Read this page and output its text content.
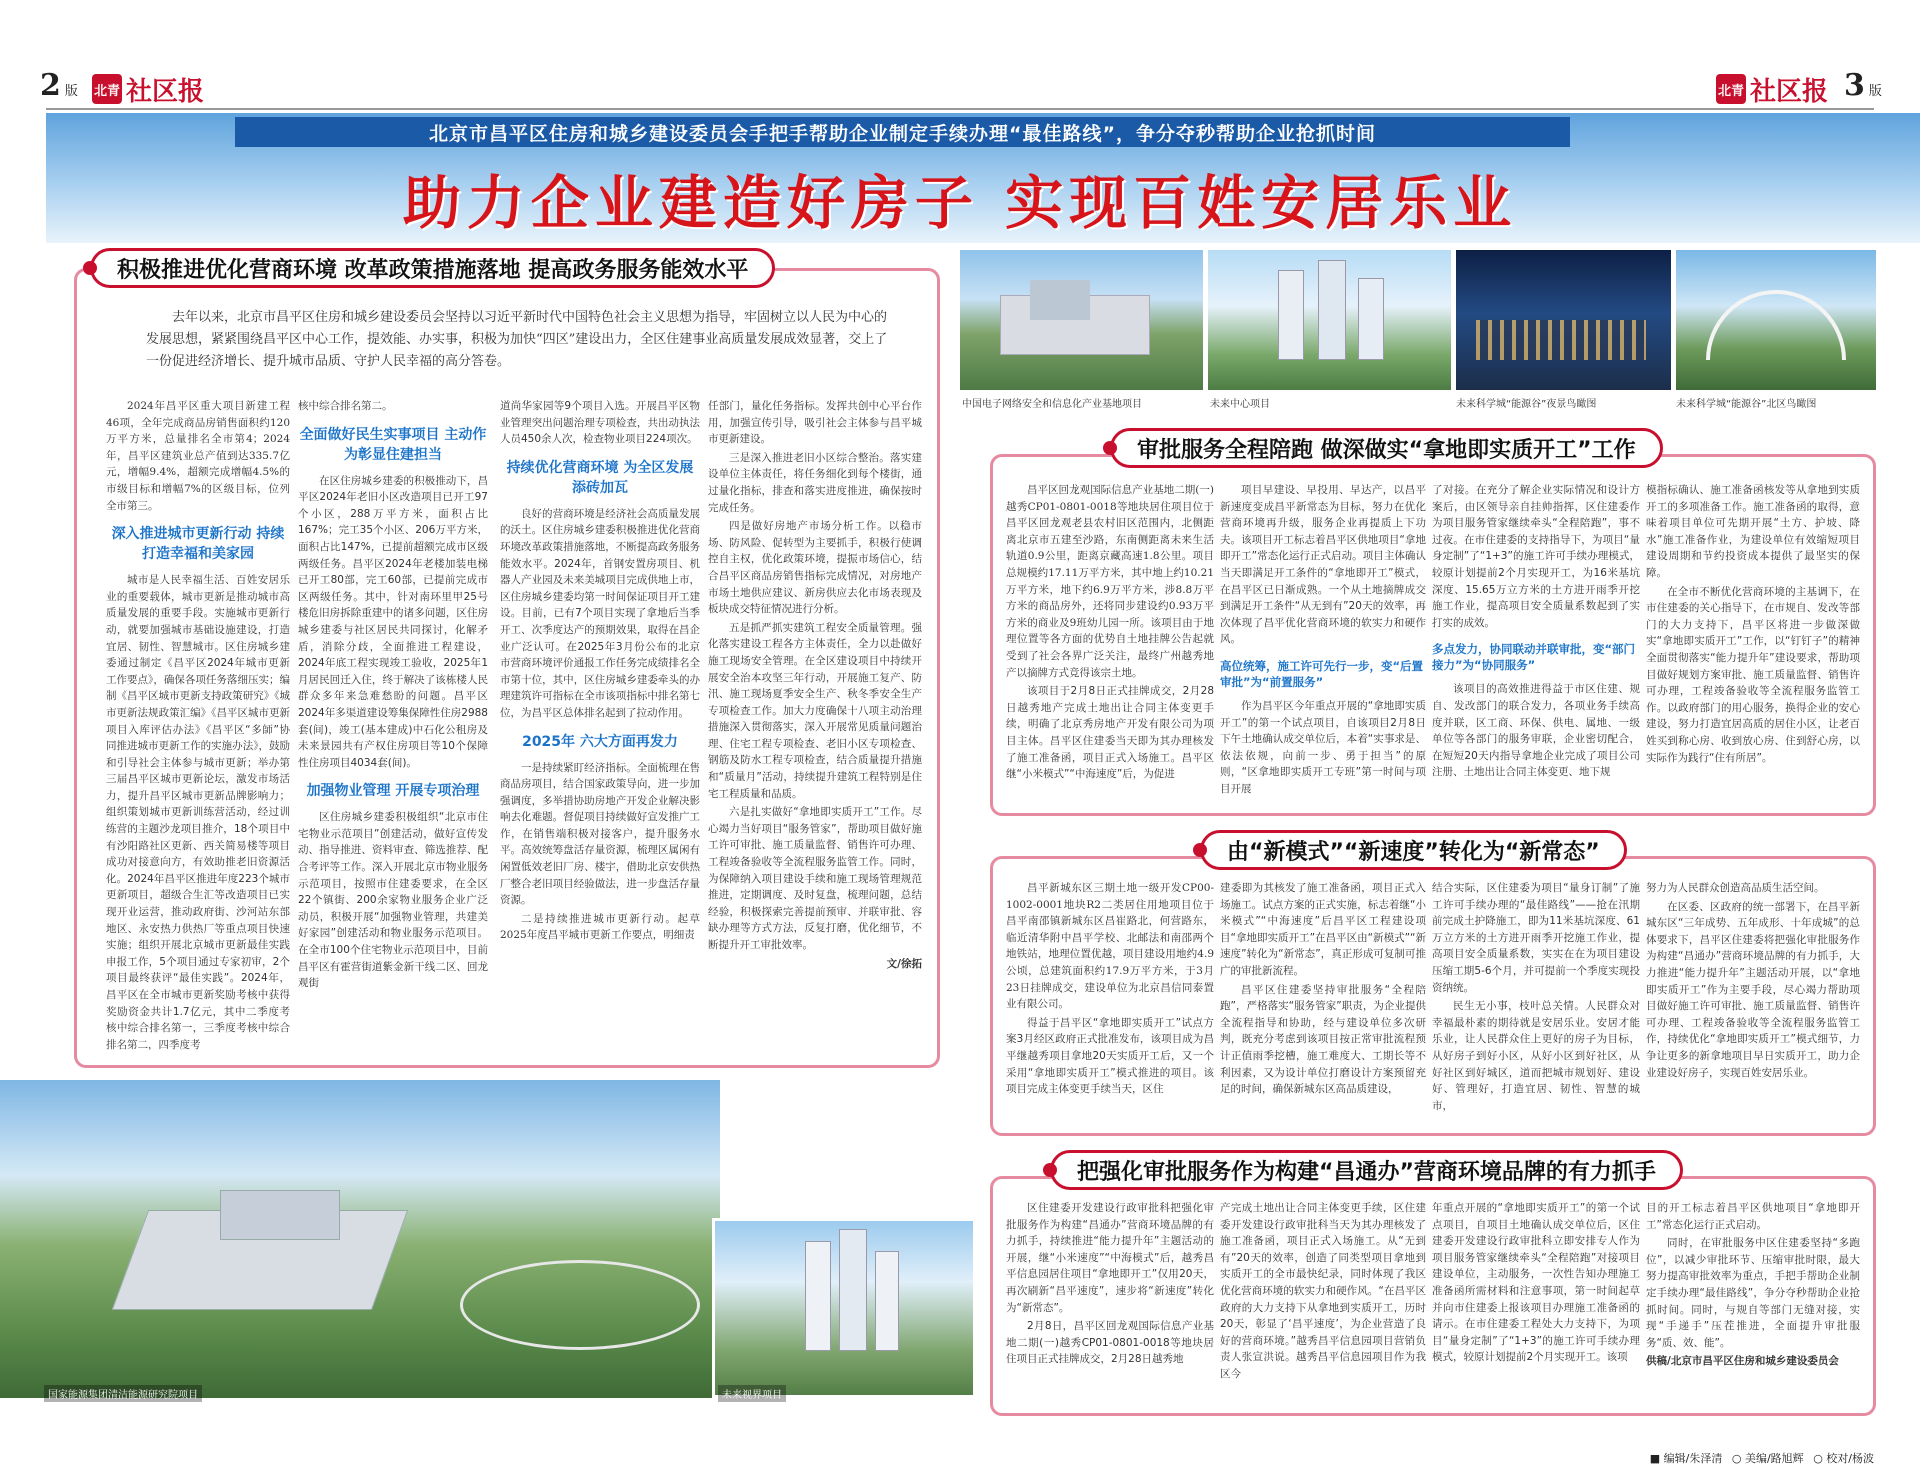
2 版 北青 社区报	北青 社区报 3 版
北京市昌平区住房和城乡建设委员会手把手帮助企业制定手续办理“最佳路线”，争分夺秒帮助企业抢抓时间
助力企业建造好房子 实现百姓安居乐业
积极推进优化营商环境 改革政策措施落地 提高政务服务能效水平
去年以来，北京市昌平区住房和城乡建设委员会坚持以习近平新时代中国特色社会主义思想为指导，牢固树立以人民为中心的发展思想，紧紧围绕昌平区中心工作，提效能、办实事，积极为加快“四区”建设出力，全区住建事业高质量发展成效显著，交上了一份促进经济增长、提升城市品质、守护人民幸福的高分答卷。

2024年昌平区重大项目新建工程46项，全年完成商品房销售面积约120万平方米，总量排名全市第4；2024年，昌平区建筑业总产值到达335.7亿元，增幅9.4%，超额完成增幅4.5%的市级目标和增幅7%的区级目标，位列全市第三。

深入推进城市更新行动 持续打造幸福和美家园

城市是人民幸福生活、百姓安居乐业的重要载体，城市更新是推动城市高质量发展的重要手段。实施城市更新行动，就要加强城市基础设施建设，打造宜居、韧性、智慧城市。区住房城乡建委通过制定《昌平区2024年城市更新工作要点》，确保各项任务落细压实；编制《昌平区城市更新支持政策研究》《城市更新法规政策汇编》《昌平区城市更新项目入库评估办法》《昌平区“多師”协同推进城市更新工作的实施办法》，鼓励和引导社会主体参与城市更新；举办第三届昌平区城市更新论坛，激发市场活力，提升昌平区城市更新品牌影响力；组织策划城市更新训练营活动，经过训练营的主题沙龙项目推介，18个项目中有沙阳路社区更新、西关简易楼等项目成功对接意向方，有效助推老旧资源活化。2024年昌平区推进年度223个城市更新项目，超级合生汇等改造项目已实现开业运营，推动政府街、沙河站东部地区、永安热力供热厂等重点项目快速实施；组织开展北京城市更新最佳实践申报工作，5个项目通过专家初审，2个项目最终获评“最佳实践”。2024年，昌平区在全市城市更新奖励考核中获得奖励资金共计1.7亿元，其中二季度考核中综合排名第一，三季度考核中综合排名第二，四季度考

核中综合排名第二。

全面做好民生实事项目 主动作为彰显住建担当

在区住房城乡建委的积极推动下，昌平区2024年老旧小区改造项目已开工97个小区，288万平方米，面积占比167%；完工35个小区、206万平方米，面积占比147%，已提前超额完成市区级两级任务。昌平区2024年老楼加装电梯已开工80部，完工60部，已提前完成市区两级任务。其中，针对南环里甲25号楼危旧房拆除重建中的诸多问题，区住房城乡建委与社区居民共同探讨，化解矛盾，消除分歧，全面推进工程建设，2024年底工程实现竣工验收，2025年1月居民回迁入住，终于解决了该栋楼人民群众多年来急难愁盼的问题。昌平区2024年多渠道建设筹集保障性住房2988套(间)，竣工(基本建成)中石化公租房及未来景园共有产权住房项目等10个保障性住房项目4034套(间)。

加强物业管理 开展专项治理

区住房城乡建委积极组织“北京市住宅物业示范项目”创建活动，做好宣传发动、指导推进、资料审查、筛选推荐、配合考评等工作。深入开展北京市物业服务示范项目，按照市住建委要求，在全区22个镇街、200余家物业服务企业广泛动员，积极开展“加强物业管理，共建美好家园”创建活动和物业服务示范项目。在全市100个住宅物业示范项目中，目前昌平区有霍营街道紫金新干线二区、回龙观街

道尚华家园等9个项目入选。开展昌平区物业管理突出问题治理专项检查，共出动执法人员450余人次，检查物业项目224项次。

持续优化营商环境 为全区发展添砖加瓦

良好的营商环境是经济社会高质量发展的沃土。区住房城乡建委积极推进优化营商环境改革政策措施落地，不断提高政务服务能效水平。2024年，首钢安置房项目、机器人产业园及未来美城项目完成供地上市，区住房城乡建委均第一时间保证项目开工建设。目前，已有7个项目实现了拿地后当季开工、次季度达产的预期效果，取得在昌企业广泛认可。在2025年3月份公布的北京市营商环境评价通报工作任务完成绩排名全市第十位，其中，区住房城乡建委牵头的办理建筑许可指标在全市该项指标中排名第七位，为昌平区总体排名起到了拉动作用。

2025年 六大方面再发力

一是持续紧盯经济指标。全面梳理在售商品房项目，结合国家政策导向，进一步加强调度，多举措协助房地产开发企业解决影响去化难题。督促项目持续做好宣发推广工作，在销售端积极对接客户，提升服务水平。高效统筹盘活存量资源，梳理区属闲有闲置低效老旧厂房、楼宇，借助北京安供热厂整合老旧项目经验做法，进一步盘活存量资源。

二是持续推进城市更新行动。起草2025年度昌平城市更新工作要点，明细责

任部门，量化任务指标。发挥共创中心平台作用，加强宣传引导，吸引社会主体参与昌平城市更新建设。

三是深入推进老旧小区综合整治。落实建设单位主体责任，将任务细化到每个楼街，通过量化指标，排查和落实进度推进，确保按时完成任务。

四是做好房地产市场分析工作。以稳市场、防风险、促转型为主要抓手，积极行使调控自主权，优化政策环境，提振市场信心，结合昌平区商品房销售指标完成情况，对房地产市场土地供应建议、新房供应去化市场表现及板块成交特征情况进行分析。

五是抓严抓实建筑工程安全质量管理。强化落实建设工程各方主体责任，全力以赴做好施工现场安全管理。在全区建设项目中持续开展安全治本攻坚三年行动，开展施工复产、防汛、施工现场夏季安全生产、秋冬季安全生产专项检查工作。加大力度确保十八项主动治理措施深入贯彻落实，深入开展常见质量问题治理、住宅工程专项检查、老旧小区专项检查、钢筋及防水工程专项检查，结合质量提升措施和“质量月”活动，持续提升建筑工程特别是住宅工程质量和品质。

六是扎实做好“拿地即实质开工”工作。尽心竭力当好项目“服务管家”，帮助项目做好施工许可审批、施工质量监督、销售许可办理、工程竣备验收等全流程服务监管工作。同时，为保障纳入项目建设手续和施工现场管理规范推进，定期调度、及时复盘，梳理问题，总结经验，积极探索完善提前预审、并联审批、容缺办理等方式方法，反复打磨，优化细节，不断提升开工审批效率。

文/徐拓

中国电子网络安全和信息化产业基地项目	未来中心项目	未来科学城“能源谷”夜景鸟瞰图	未来科学城“能源谷”北区鸟瞰图
审批服务全程陪跑 做深做实“拿地即实质开工”工作

昌平区回龙观国际信息产业基地二期(一)越秀CP01-0801-0018等地块居住项目位于昌平区回龙观老县农村旧区范围内，北侧距离北京市五建至沙路，东南侧距离未来生活轨道0.9公里，距离京藏高速1.8公里。项目总规模约17.11万平方米，其中地上约10.21万平方米，地下约6.9万平方米，涉8.8万平方米的商品房外，还将同步建设约0.93万平方米的商业及9班幼儿园一所。该项目由于地理位置等各方面的优势自土地挂牌公告起就受到了社会各界广泛关注，最终广州越秀地产以摘牌方式竞得该宗土地。

该项目于2月8日正式挂牌成交，2月28日越秀地产完成土地出让合同主体变更手续，明确了北京秀房地产开发有限公司为项目主体。昌平区住建委当天即为其办理核发了施工准备函，项目正式入场施工。昌平区继“小米模式”“中海速度”后，为促进

项目早建设、早投用、早达产，以昌平新速度变成昌平新常态为目标，努力在优化营商环境再升级，服务企业再提质上下功夫。该项目开工标志着昌平区供地项目“拿地即开工”常态化运行正式启动。项目主体确认当天即满足开工条件的“拿地即开工”模式，在昌平区已日渐成熟。一个从土地摘牌成交到满足开工条件“从无到有”20天的效率，再次体现了昌平优化营商环境的软实力和硬作风。

高位统筹，施工许可先行一步，变“后置审批”为“前置服务”

作为昌平区今年重点开展的“拿地即实质开工”的第一个试点项目，自该项目2月8日下午土地确认成交单位后，本着“实事求是、依法依规，向前一步、勇于担当”的原则，“区拿地即实质开工专班”第一时间与项目开展

了对接。在充分了解企业实际情况和设计方案后，由区领导亲自挂帅指挥，区住建委作为项目服务管家继续牵头“全程陪跑”，事不过夜。在市住建委的支持指导下，为项目“量身定制”了“1+3”的施工许可手续办理模式，较原计划提前2个月实现开工，为16米基坑深度、15.65万立方米的土方进开雨季开挖施工作业，提高项目安全质量系数起到了实打实的成效。

多点发力，协同联动并联审批，变“部门接力”为“协同服务”

该项目的高效推进得益于市区住建、规自、发改部门的联合发力，各项业务手续高度并联，区工商、环保、供电、属地、一级单位等各部门的服务审联，企业密切配合，在短短20天内指导拿地企业完成了项目公司注册、土地出让合同主体变更、地下规

模指标确认、施工准备函核发等从拿地到实质开工的多项准备工作。施工准备函的取得，意味着项目单位可先期开展“土方、护坡、降水”施工准备作业，为建设单位有效缩短项目建设周期和节约投资成本提供了最坚实的保障。

在全市不断优化营商环境的主基调下，在市住建委的关心指导下，在市规自、发改等部门的大力支持下，昌平区将进一步做深做实“拿地即实质开工”工作，以“钉钉子”的精神全面贯彻落实“能力提升年”建设要求，帮助项目做好规划方案审批、施工质量监督、销售许可办理，工程竣备验收等全流程服务监管工作。以政府部门的用心服务，换得企业的安心建设，努力打造宜居高质的居住小区，让老百姓买到称心房、收到放心房、住到舒心房，以实际作为践行“住有所居”。

由“新模式”“新速度”转化为“新常态”

昌平新城东区三期土地一级开发CP00-1002-0001地块R2二类居住用地项目位于昌平南邵镇新城东区昌崔路北，何营路东，临近清华附中昌平学校、北邮法和南邵两个地铁站，地理位置优越，项目建设用地约4.9公顷，总建筑面积约17.9万平方米，于3月23日挂牌成交，建设单位为北京昌信同泰置业有限公司。

得益于昌平区“拿地即实质开工”试点方案3月经区政府正式批准发布，该项目成为昌平继越秀项目拿地20天实质开工后，又一个采用“拿地即实质开工”模式推进的项目。该项目完成主体变更手续当天，区住

建委即为其核发了施工准备函，项目正式入场施工。试点方案的正式实施，标志着继“小米模式”“中海速度”后昌平区工程建设项目“拿地即实质开工”在昌平区由“新模式”“新速度”转化为“新常态”，真正形成可复制可推广的审批新流程。

昌平区住建委坚持审批服务“全程陪跑”，严格落实“服务管家”职责，为企业提供全流程指导和协助，经与建设单位多次研判，既充分考虑到该项目按正常审批流程预计正值雨季挖槽，施工难度大、工期长等不利因素，又为设计单位打磨设计方案预留充足的时间，确保新城东区高品质建设，

结合实际，区住建委为项目“量身订制”了施工许可手续办理的“最佳路线”——抢在汛期前完成土护降施工，即为11米基坑深度、61万立方米的土方进开雨季开挖施工作业，提高项目安全质量系数，实实在在为项目建设压缩工期5-6个月，并可提前一个季度实现投资纳统。

民生无小事，枝叶总关情。人民群众对幸福最朴素的期待就是安居乐业。安居才能乐业，让人民群众住上更好的房子为目标，从好房子到好小区，从好小区到好社区，从好社区到好城区，道而把城市规划好、建设好、管理好，打造宜居、韧性、智慧的城市，

努力为人民群众创造高品质生活空间。

在区委、区政府的统一部署下，在昌平新城东区“三年成势、五年成形、十年成城”的总体要求下，昌平区住建委将把强化审批服务作为构建“昌通办”营商环境品牌的有力抓手，大力推进“能力提升年”主题活动开展，以“拿地即实质开工”作为主要手段，尽心竭力帮助项目做好施工许可审批、施工质量监督、销售许可办理、工程竣备验收等全流程服务监管工作，持续优化“拿地即实质开工”模式细节，力争让更多的新拿地项目早日实质开工，助力企业建设好房子，实现百姓安居乐业。

把强化审批服务作为构建“昌通办”营商环境品牌的有力抓手

区住建委开发建设行政审批科把强化审批服务作为构建“昌通办”营商环境品牌的有力抓手，持续推进“能力提升年”主题活动的开展，继“小米速度”“中海模式”后，越秀昌平信息园居住项目“拿地即开工”仅用20天，再次刷新“昌平速度”，速步将“新速度”转化为“新常态”。

2月8日，昌平区回龙观国际信息产业基地二期(一)越秀CP01-0801-0018等地块居住项目正式挂牌成交，2月28日越秀地

产完成土地出让合同主体变更手续，区住建委开发建设行政审批科当天为其办理核发了施工准备函，项目正式入场施工。从“无到有”20天的效率，创造了同类型项目拿地到实质开工的全市最快纪录，同时体现了我区优化营商环境的软实力和硬作风。“在昌平区政府的大力支持下从拿地到实质开工，历时20天，彰显了‘昌平速度’，为企业营造了良好的营商环境。”越秀昌平信息园项目营销负责人张宣洪说。越秀昌平信息园项目作为我区今

年重点开展的“拿地即实质开工”的第一个试点项目，自项目土地确认成交单位后，区住建委开发建设行政审批科立即安排专人作为项目服务管家继续牵头“全程陪跑”对接项目建设单位，主动服务，一次性告知办理施工准备函所需材料和注意事项，第一时间起草并向市住建委上报该项目办理施工准备函的请示。在市住建委工程处大力支持下，为项目“量身定制”了“1+3”的施工许可手续办理模式，较原计划提前2个月实现开工。该项

目的开工标志着昌平区供地项目“拿地即开工”常态化运行正式启动。

同时，在审批服务中区住建委坚持“多跑位”，以减少审批环节、压缩审批时限，最大努力提高审批效率为重点，手把手帮助企业制定手续办理“最佳路线”，争分夺秒帮助企业抢抓时间。同时，与规自等部门无缝对接，实现“手递手”压茬推进，全面提升审批服务“质、效、能”。

供稿/北京市昌平区住房和城乡建设委员会

国家能源集团清洁能源研究院项目	未来视界项目
■ 编辑/朱泽清 ○ 美编/路旭辉 ○ 校对/杨波
